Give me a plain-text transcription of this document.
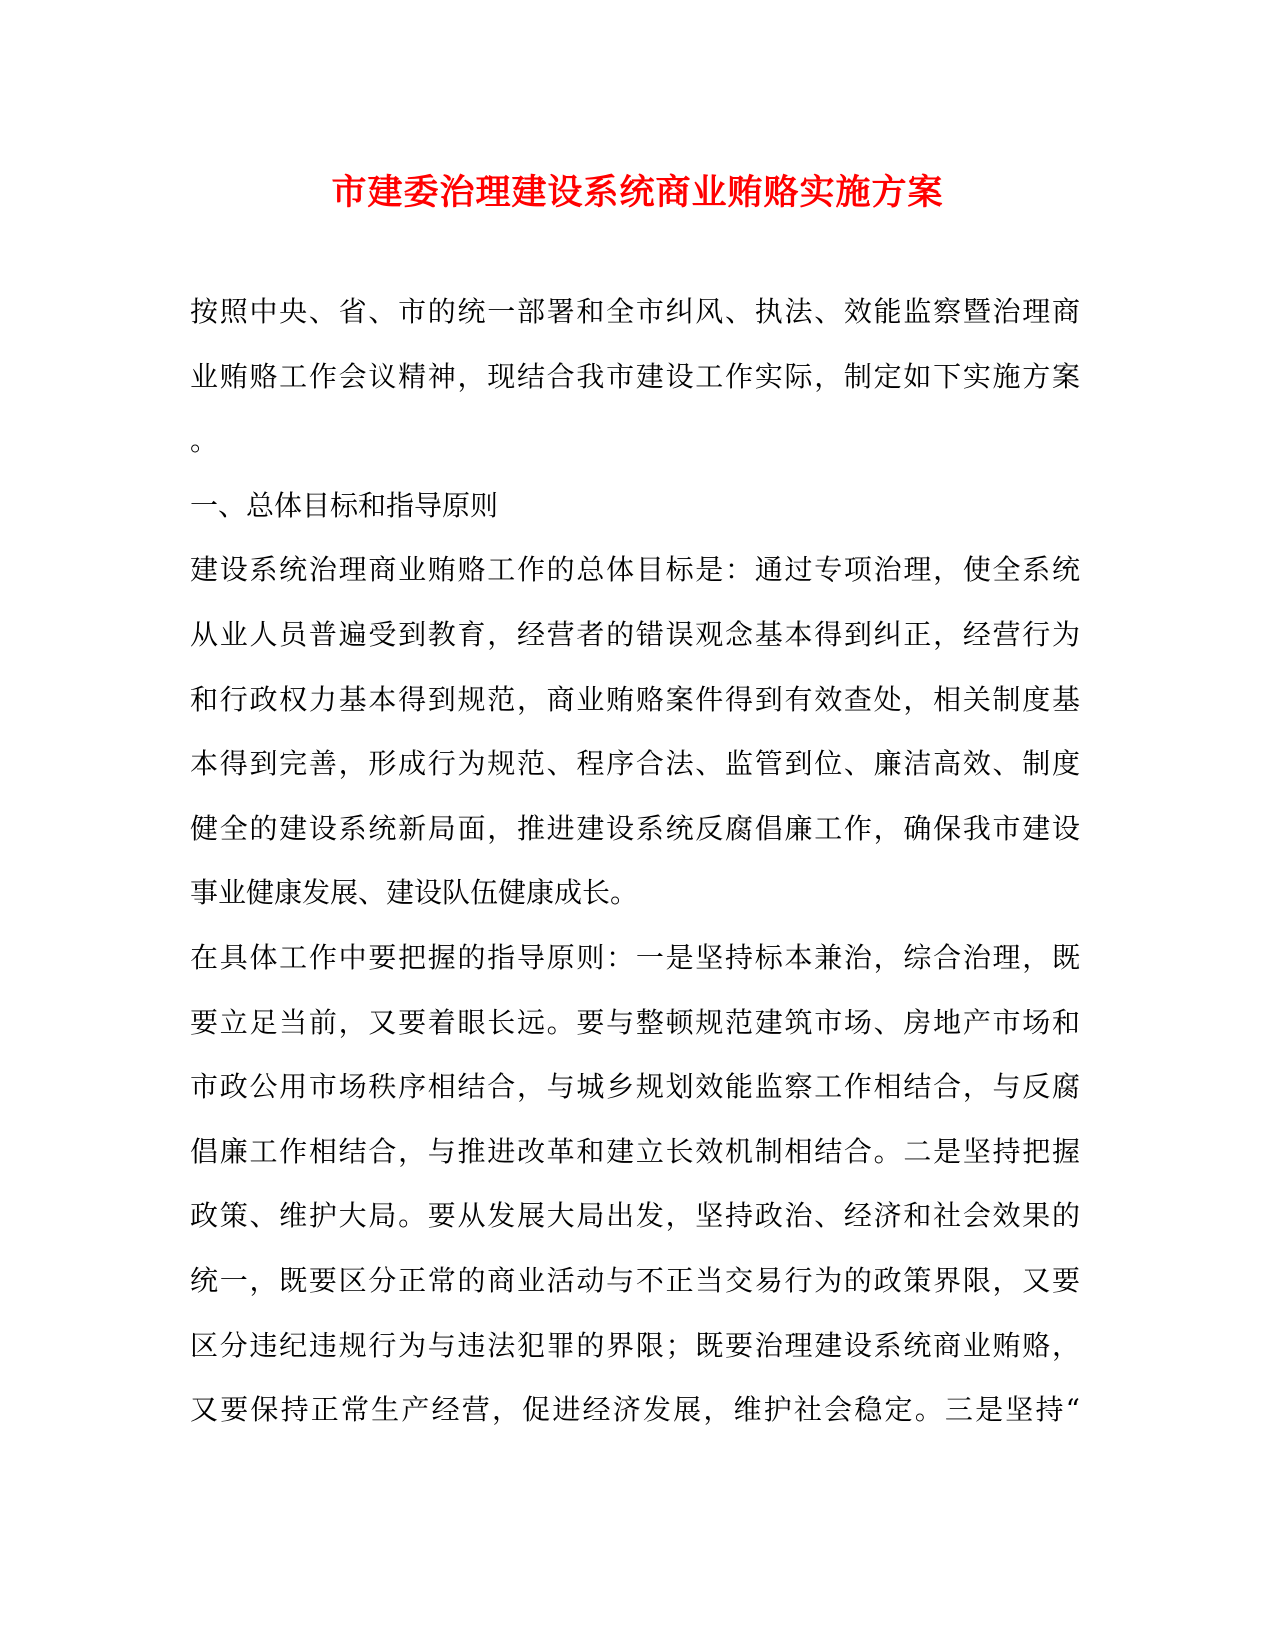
市建委治理建设系统商业贿赂实施方案
按照中央、省、市的统一部署和全市纠风、执法、效能监察暨治理商
业贿赂工作会议精神，现结合我市建设工作实际，制定如下实施方案
。
一、总体目标和指导原则
建设系统治理商业贿赂工作的总体目标是：通过专项治理，使全系统
从业人员普遍受到教育，经营者的错误观念基本得到纠正，经营行为
和行政权力基本得到规范，商业贿赂案件得到有效查处，相关制度基
本得到完善，形成行为规范、程序合法、监管到位、廉洁高效、制度
健全的建设系统新局面，推进建设系统反腐倡廉工作，确保我市建设
事业健康发展、建设队伍健康成长。
在具体工作中要把握的指导原则：一是坚持标本兼治，综合治理，既
要立足当前，又要着眼长远。要与整顿规范建筑市场、房地产市场和
市政公用市场秩序相结合，与城乡规划效能监察工作相结合，与反腐
倡廉工作相结合，与推进改革和建立长效机制相结合。二是坚持把握
政策、维护大局。要从发展大局出发，坚持政治、经济和社会效果的
统一，既要区分正常的商业活动与不正当交易行为的政策界限，又要
区分违纪违规行为与违法犯罪的界限；既要治理建设系统商业贿赂，
又要保持正常生产经营，促进经济发展，维护社会稳定。三是坚持“
